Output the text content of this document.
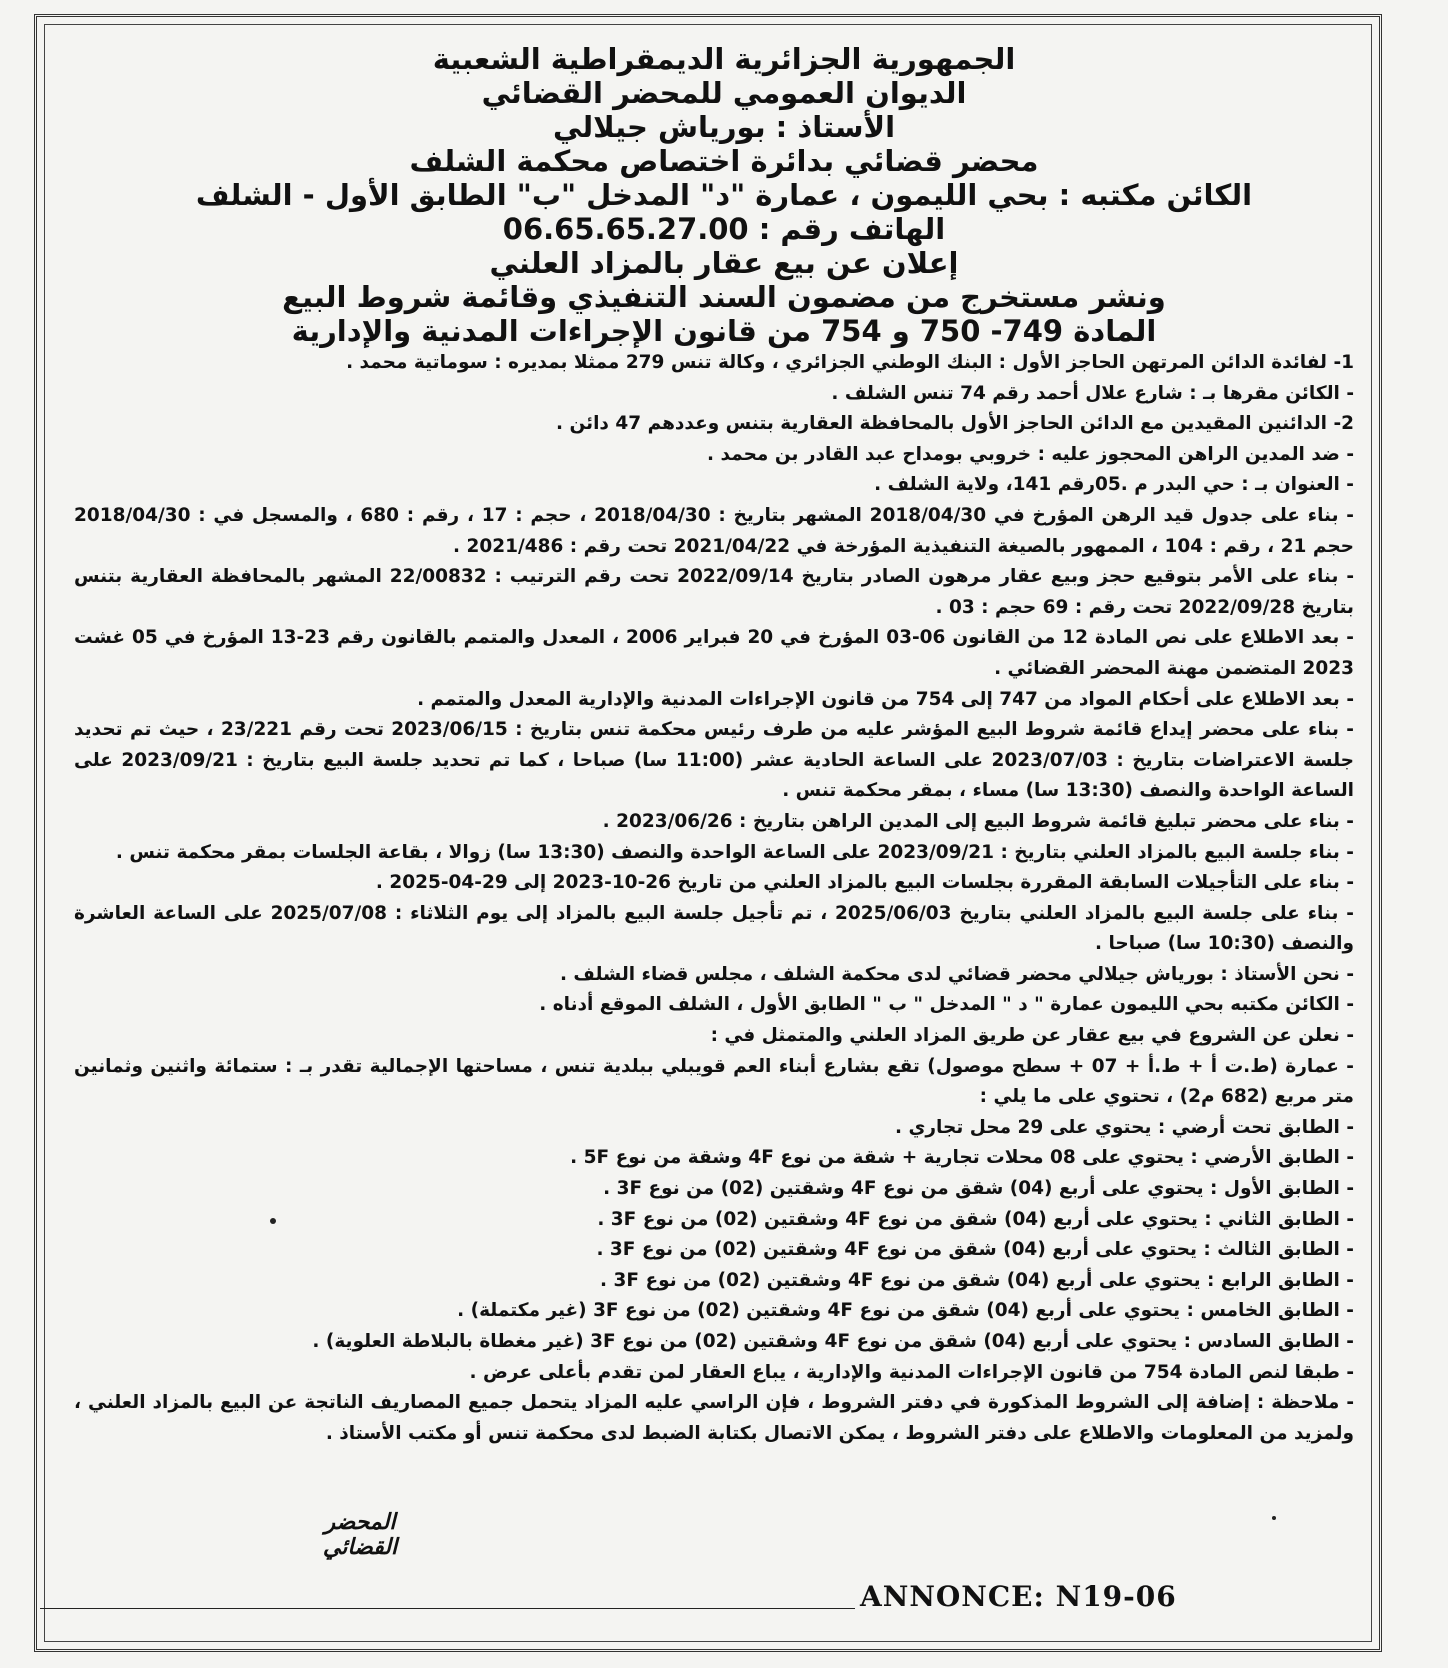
الجمهورية الجزائرية الديمقراطية الشعبية
الديوان العمومي للمحضر القضائي
الأستاذ : بورياش جيلالي
محضر قضائي بدائرة اختصاص محكمة الشلف
الكائن مكتبه : بحي الليمون ، عمارة "د" المدخل "ب" الطابق الأول - الشلف
الهاتف رقم : 06.65.65.27.00
إعلان عن بيع عقار بالمزاد العلني
ونشر مستخرج من مضمون السند التنفيذي وقائمة شروط البيع
المادة 749- 750 و 754 من قانون الإجراءات المدنية والإدارية

1- لفائدة الدائن المرتهن الحاجز الأول : البنك الوطني الجزائري ، وكالة تنس 279 ممثلا بمديره : سوماتية محمد .

- الكائن مقرها بـ : شارع علال أحمد رقم 74 تنس الشلف .

2- الدائنين المقيدين مع الدائن الحاجز الأول بالمحافظة العقارية بتنس وعددهم 47 دائن .

- ضد المدين الراهن المحجوز عليه : خروبي بومداح عبد القادر بن محمد .

- العنوان بـ : حي البدر م .05رقم 141، ولاية الشلف .

- بناء على جدول قيد الرهن المؤرخ في 2018/04/30 المشهر بتاريخ : 2018/04/30 ، حجم : 17 ، رقم : 680 ، والمسجل في : 2018/04/30 حجم 21 ، رقم : 104 ، الممهور بالصيغة التنفيذية المؤرخة في 2021/04/22 تحت رقم : 2021/486 .

- بناء على الأمر بتوقيع حجز وبيع عقار مرهون الصادر بتاريخ 2022/09/14 تحت رقم الترتيب : 22/00832 المشهر بالمحافظة العقارية بتنس بتاريخ 2022/09/28 تحت رقم : 69 حجم : 03 .

- بعد الاطلاع على نص المادة 12 من القانون 06-03 المؤرخ في 20 فبراير 2006 ، المعدل والمتمم بالقانون رقم 23-13 المؤرخ في 05 غشت 2023 المتضمن مهنة المحضر القضائي .

- بعد الاطلاع على أحكام المواد من 747 إلى 754 من قانون الإجراءات المدنية والإدارية المعدل والمتمم .

- بناء على محضر إيداع قائمة شروط البيع المؤشر عليه من طرف رئيس محكمة تنس بتاريخ : 2023/06/15 تحت رقم 23/221 ، حيث تم تحديد جلسة الاعتراضات بتاريخ : 2023/07/03 على الساعة الحادية عشر (11:00 سا) صباحا ، كما تم تحديد جلسة البيع بتاريخ : 2023/09/21 على الساعة الواحدة والنصف (13:30 سا) مساء ، بمقر محكمة تنس .

- بناء على محضر تبليغ قائمة شروط البيع إلى المدين الراهن بتاريخ : 2023/06/26 .

- بناء جلسة البيع بالمزاد العلني بتاريخ : 2023/09/21 على الساعة الواحدة والنصف (13:30 سا) زوالا ، بقاعة الجلسات بمقر محكمة تنس .

- بناء على التأجيلات السابقة المقررة بجلسات البيع بالمزاد العلني من تاريخ 26-10-2023 إلى 29-04-2025 .

- بناء على جلسة البيع بالمزاد العلني بتاريخ 2025/06/03 ، تم تأجيل جلسة البيع بالمزاد إلى يوم الثلاثاء : 2025/07/08 على الساعة العاشرة والنصف (10:30 سا) صباحا .

- نحن الأستاذ : بورياش جيلالي محضر قضائي لدى محكمة الشلف ، مجلس قضاء الشلف .

- الكائن مكتبه بحي الليمون عمارة " د " المدخل " ب " الطابق الأول ، الشلف الموقع أدناه .

- نعلن عن الشروع في بيع عقار عن طريق المزاد العلني والمتمثل في :

- عمارة (ط.ت أ + ط.أ + 07 + سطح موصول) تقع بشارع أبناء العم قويبلي ببلدية تنس ، مساحتها الإجمالية تقدر بـ : ستمائة واثنين وثمانين متر مربع (682 م2) ، تحتوي على ما يلي :

- الطابق تحت أرضي : يحتوي على 29 محل تجاري .

- الطابق الأرضي : يحتوي على 08 محلات تجارية + شقة من نوع 4F وشقة من نوع 5F .

- الطابق الأول : يحتوي على أربع (04) شقق من نوع 4F وشقتين (02) من نوع 3F .

- الطابق الثاني : يحتوي على أربع (04) شقق من نوع 4F وشقتين (02) من نوع 3F .

- الطابق الثالث : يحتوي على أربع (04) شقق من نوع 4F وشقتين (02) من نوع 3F .

- الطابق الرابع : يحتوي على أربع (04) شقق من نوع 4F وشقتين (02) من نوع 3F .

- الطابق الخامس : يحتوي على أربع (04) شقق من نوع 4F وشقتين (02) من نوع 3F (غير مكتملة) .

- الطابق السادس : يحتوي على أربع (04) شقق من نوع 4F وشقتين (02) من نوع 3F (غير مغطاة بالبلاطة العلوية) .

- طبقا لنص المادة 754 من قانون الإجراءات المدنية والإدارية ، يباع العقار لمن تقدم بأعلى عرض .

- ملاحظة : إضافة إلى الشروط المذكورة في دفتر الشروط ، فإن الراسي عليه المزاد يتحمل جميع المصاريف الناتجة عن البيع بالمزاد العلني ، ولمزيد من المعلومات والاطلاع على دفتر الشروط ، يمكن الاتصال بكتابة الضبط لدى محكمة تنس أو مكتب الأستاذ .

المحضر القضائي
ANNONCE: N19-06
